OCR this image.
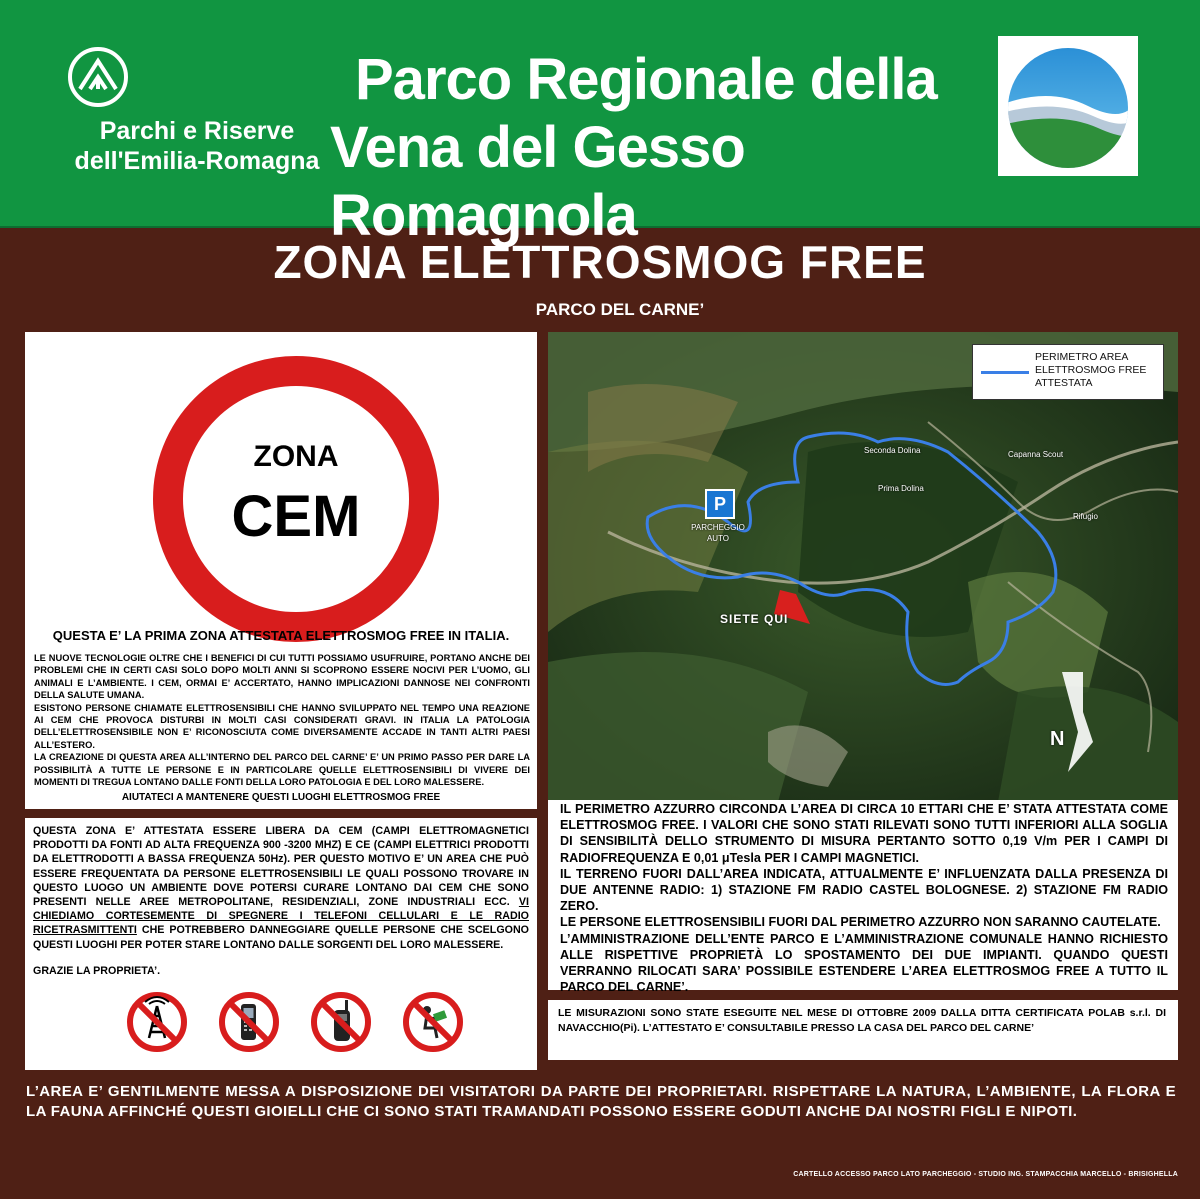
Parchi e Riserve
dell'Emilia-Romagna
Parco Regionale della
Vena del Gesso Romagnola
ZONA ELETTROSMOG FREE
PARCO DEL CARNE’
ZONA
CEM
QUESTA E’ LA PRIMA ZONA ATTESTATA ELETTROSMOG FREE IN ITALIA.
LE NUOVE TECNOLOGIE OLTRE CHE I BENEFICI DI CUI TUTTI POSSIAMO USUFRUIRE, PORTANO ANCHE DEI PROBLEMI CHE IN CERTI CASI SOLO DOPO MOLTI ANNI SI SCOPRONO ESSERE NOCIVI PER L’UOMO, GLI ANIMALI E L’AMBIENTE. I CEM, ORMAI E’ ACCERTATO, HANNO IMPLICAZIONI DANNOSE NEI CONFRONTI DELLA SALUTE UMANA.
ESISTONO PERSONE CHIAMATE ELETTROSENSIBILI CHE HANNO SVILUPPATO NEL TEMPO UNA REAZIONE AI CEM CHE PROVOCA DISTURBI IN MOLTI CASI CONSIDERATI GRAVI. IN ITALIA LA PATOLOGIA DELL’ELETTROSENSIBILE NON E’ RICONOSCIUTA COME DIVERSAMENTE ACCADE IN TANTI ALTRI PAESI ALL’ESTERO.
LA CREAZIONE DI QUESTA AREA ALL’INTERNO DEL PARCO DEL CARNE’ E’ UN PRIMO PASSO PER DARE LA POSSIBILITÀ A TUTTE LE PERSONE E IN PARTICOLARE QUELLE ELETTROSENSIBILI DI VIVERE DEI MOMENTI DI TREGUA LONTANO DALLE FONTI DELLA LORO PATOLOGIA E DEL LORO MALESSERE.
AIUTATECI A MANTENERE QUESTI LUOGHI ELETTROSMOG FREE
QUESTA ZONA E’ ATTESTATA ESSERE LIBERA DA CEM (CAMPI ELETTROMAGNETICI PRODOTTI DA FONTI AD ALTA FREQUENZA 900 -3200 MHZ) E CE (CAMPI ELETTRICI PRODOTTI DA ELETTRODOTTI A BASSA FREQUENZA 50Hz). PER QUESTO MOTIVO E’ UN AREA CHE PUÒ ESSERE FREQUENTATA DA PERSONE ELETTROSENSIBILI LE QUALI POSSONO TROVARE IN QUESTO LUOGO UN AMBIENTE DOVE POTERSI CURARE LONTANO DAI CEM CHE SONO PRESENTI NELLE AREE METROPOLITANE, RESIDENZIALI, ZONE INDUSTRIALI ECC. VI CHIEDIAMO CORTESEMENTE DI SPEGNERE I TELEFONI CELLULARI E LE RADIO RICETRASMITTENTI CHE POTREBBERO DANNEGGIARE QUELLE PERSONE CHE SCELGONO QUESTI LUOGHI PER POTER STARE LONTANO DALLE SORGENTI DEL LORO MALESSERE.
GRAZIE LA PROPRIETA’.
PERIMETRO AREA ELETTROSMOG FREE ATTESTATA
P
PARCHEGGIO AUTO
SIETE QUI
Seconda Dolina
Prima Dolina
Capanna Scout
Rifugio
N
IL PERIMETRO AZZURRO CIRCONDA L’AREA DI CIRCA 10 ETTARI CHE E’ STATA ATTESTATA COME ELETTROSMOG FREE. I VALORI CHE SONO STATI RILEVATI SONO TUTTI INFERIORI ALLA SOGLIA DI SENSIBILITÀ DELLO STRUMENTO DI MISURA PERTANTO SOTTO 0,19 V/m PER I CAMPI DI RADIOFREQUENZA E 0,01 μTesla PER I CAMPI MAGNETICI.
IL TERRENO FUORI DALL’AREA INDICATA, ATTUALMENTE E’ INFLUENZATA DALLA PRESENZA DI DUE ANTENNE RADIO: 1) STAZIONE FM RADIO CASTEL BOLOGNESE. 2) STAZIONE FM RADIO ZERO.
LE PERSONE ELETTROSENSIBILI FUORI DAL PERIMETRO AZZURRO NON SARANNO CAUTELATE.
L’AMMINISTRAZIONE DELL’ENTE PARCO E L’AMMINISTRAZIONE COMUNALE HANNO RICHIESTO ALLE RISPETTIVE PROPRIETÀ LO SPOSTAMENTO DEI DUE IMPIANTI. QUANDO QUESTI VERRANNO RILOCATI SARA’ POSSIBILE ESTENDERE L’AREA ELETTROSMOG FREE A TUTTO IL PARCO DEL CARNE’.
LE MISURAZIONI SONO STATE ESEGUITE NEL MESE DI OTTOBRE 2009 DALLA DITTA CERTIFICATA POLAB s.r.l. DI NAVACCHIO(Pi). L’ATTESTATO E’ CONSULTABILE PRESSO LA CASA DEL PARCO DEL CARNE’
L’AREA E’ GENTILMENTE MESSA A DISPOSIZIONE DEI VISITATORI DA PARTE DEI PROPRIETARI. RISPETTARE LA NATURA, L’AMBIENTE, LA FLORA E LA FAUNA AFFINCHÉ QUESTI GIOIELLI CHE CI SONO STATI TRAMANDATI POSSONO ESSERE GODUTI ANCHE DAI NOSTRI FIGLI E NIPOTI.
CARTELLO ACCESSO PARCO LATO PARCHEGGIO - STUDIO ING. STAMPACCHIA MARCELLO - BRISIGHELLA
